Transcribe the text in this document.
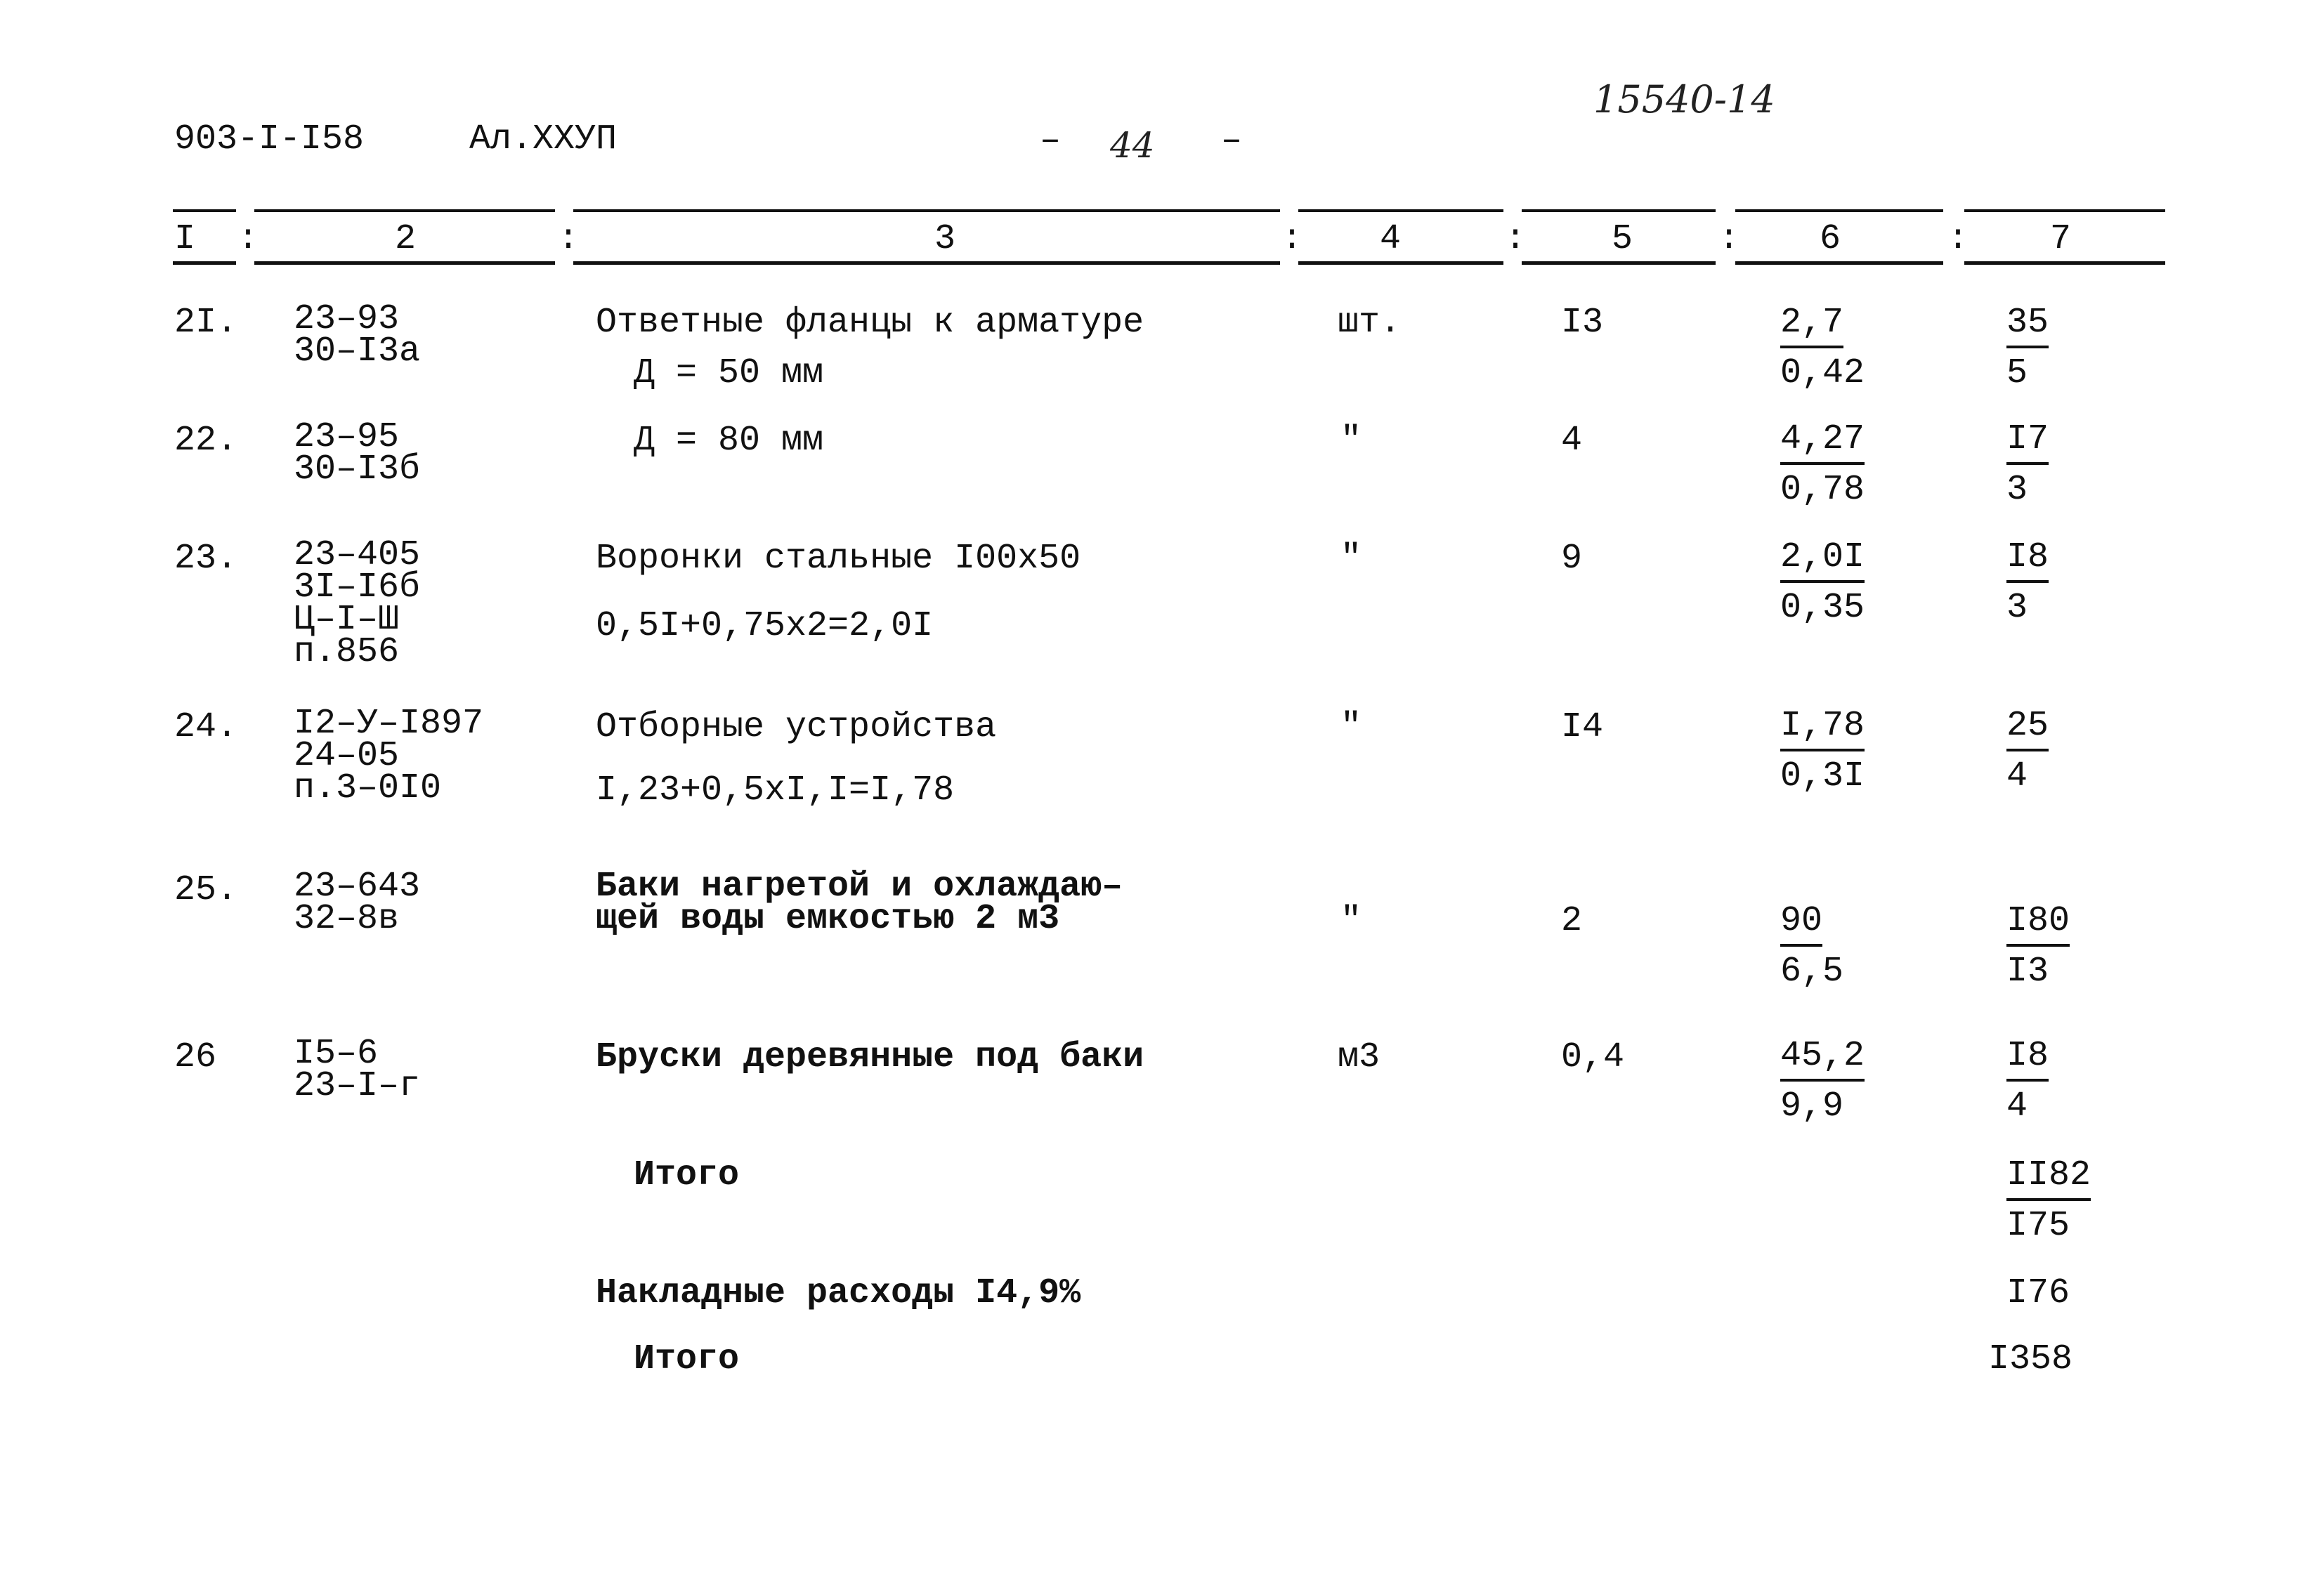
903-I-I58	Ал.XXУП	– 44 –
15540-14
I :	2	:	3	: 4	: 5 : 6	: 7
2I. 23–93
30–I3a
Ответные фланцы к арматуре
Д = 50 мм
шт.	I3	$\frac{2,7}{0,42}$	$\frac{35}{5}$
22. 23–95
30–I3б
Д = 80 мм	"	4	$\frac{4,27}{0,78}$	$\frac{I7}{3}$
23. 23–405
3I–I6б
Ц–I–Ш
п.856
Воронки стальные I00x50
0,5I+0,75x2=2,0I
"	9	$\frac{2,0I}{0,35}$	$\frac{I8}{3}$
24. I2–У–I897
24–05
п.3–0I0
Отборные устройства
I,23+0,5xI,I=I,78
"	I4	$\frac{I,78}{0,3I}$	$\frac{25}{4}$
25. 23–643
32–8в
Баки нагретой и охлаждаю–
щей воды емкостью 2 м3	"	2	$\frac{90}{6,5}$	$\frac{I80}{I3}$
26 I5–6
23–I–г
Бруски деревянные под баки	м3	0,4	$\frac{45,2}{9,9}$	$\frac{I8}{4}$
Итого	$\frac{II82}{I75}$
Накладные расходы I4,9%	I76
Итого	I358
